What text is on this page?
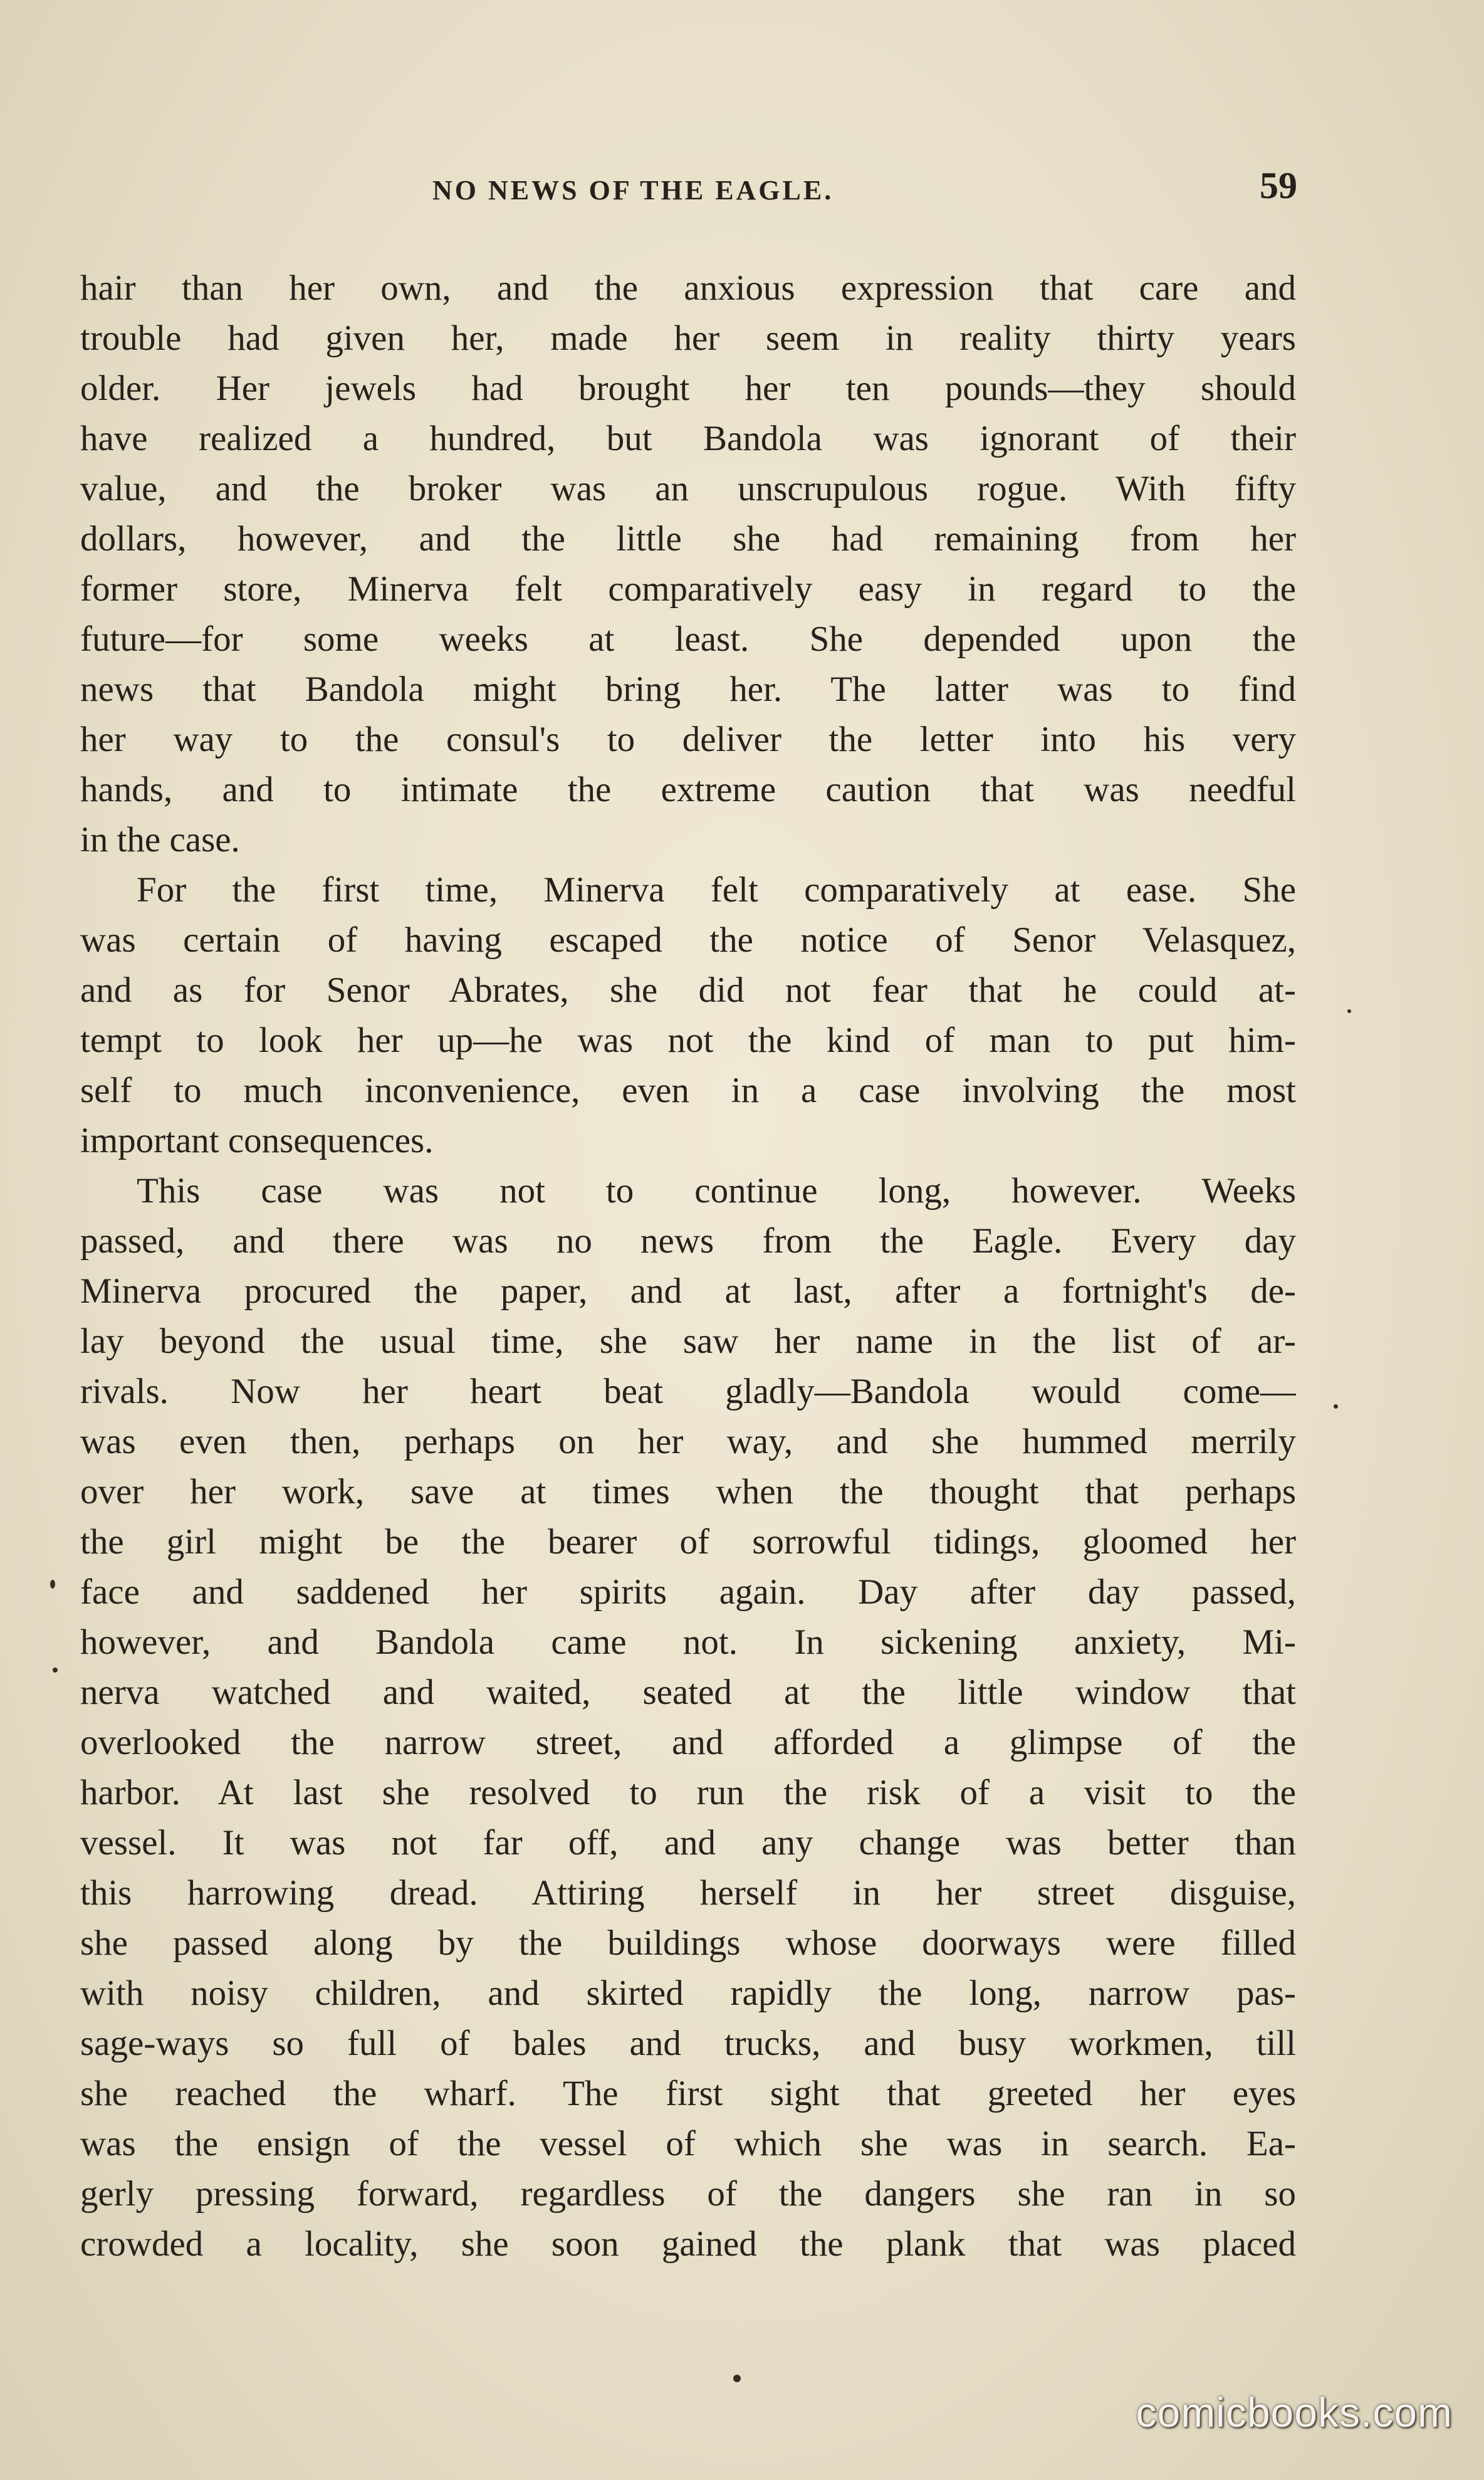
NO NEWS OF THE EAGLE.	59
hair than her own, and the anxious expression that care and
trouble had given her, made her seem in reality thirty years
older. Her jewels had brought her ten pounds—they should
have realized a hundred, but Bandola was ignorant of their
value, and the broker was an unscrupulous rogue. With fifty
dollars, however, and the little she had remaining from her
former store, Minerva felt comparatively easy in regard to the
future—for some weeks at least. She depended upon the
news that Bandola might bring her. The latter was to find
her way to the consul's to deliver the letter into his very
hands, and to intimate the extreme caution that was needful
in the case.
For the first time, Minerva felt comparatively at ease. She
was certain of having escaped the notice of Senor Velasquez,
and as for Senor Abrates, she did not fear that he could at-
tempt to look her up—he was not the kind of man to put him-
self to much inconvenience, even in a case involving the most
important consequences.
This case was not to continue long, however. Weeks
passed, and there was no news from the Eagle. Every day
Minerva procured the paper, and at last, after a fortnight's de-
lay beyond the usual time, she saw her name in the list of ar-
rivals. Now her heart beat gladly—Bandola would come—
was even then, perhaps on her way, and she hummed merrily
over her work, save at times when the thought that perhaps
the girl might be the bearer of sorrowful tidings, gloomed her
face and saddened her spirits again. Day after day passed,
however, and Bandola came not. In sickening anxiety, Mi-
nerva watched and waited, seated at the little window that
overlooked the narrow street, and afforded a glimpse of the
harbor. At last she resolved to run the risk of a visit to the
vessel. It was not far off, and any change was better than
this harrowing dread. Attiring herself in her street disguise,
she passed along by the buildings whose doorways were filled
with noisy children, and skirted rapidly the long, narrow pas-
sage-ways so full of bales and trucks, and busy workmen, till
she reached the wharf. The first sight that greeted her eyes
was the ensign of the vessel of which she was in search. Ea-
gerly pressing forward, regardless of the dangers she ran in so
crowded a locality, she soon gained the plank that was placed
comicbooks.com
